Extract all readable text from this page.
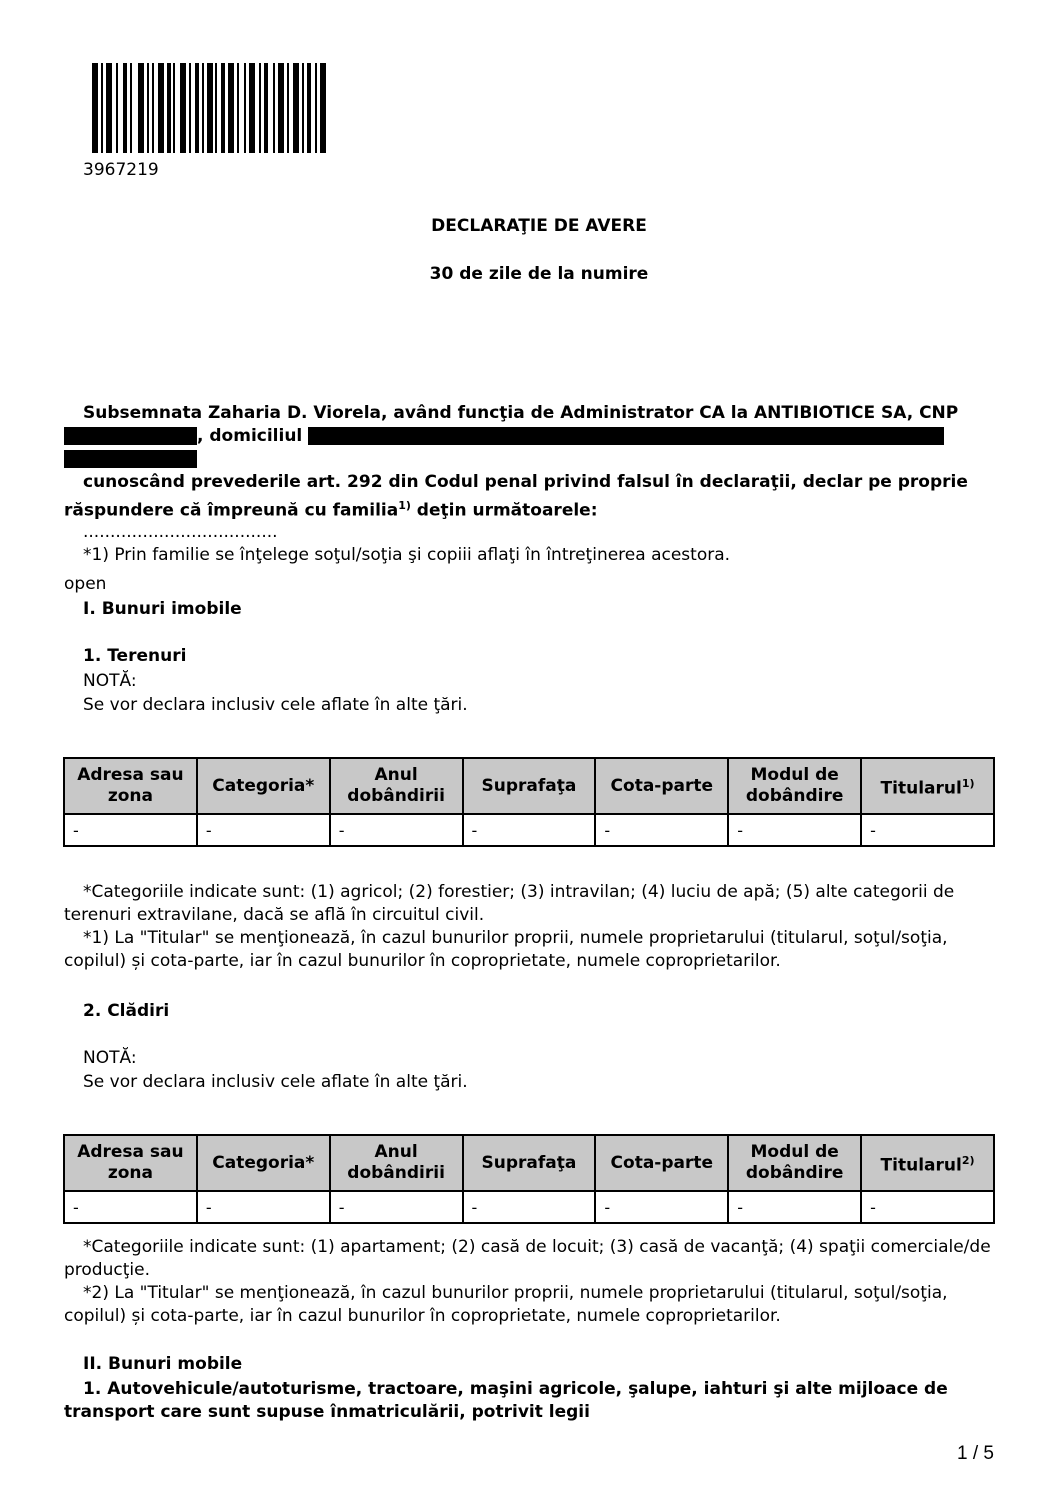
3967219
DECLARAŢIE DE AVERE
30 de zile de la numire
Subsemnata Zaharia D. Viorela, având funcţia de Administrator CA la ANTIBIOTICE SA, CNP
, domiciliul
cunoscând prevederile art. 292 din Codul penal privind falsul în declaraţii, declar pe proprie
răspundere că împreună cu familia$^{1)}$ deţin următoarele:
....................................
*1) Prin familie se înţelege soţul/soţia şi copiii aflaţi în întreţinerea acestora.
open
I. Bunuri imobile
1. Terenuri
NOTĂ:
Se vor declara inclusiv cele aflate în alte ţări.
Adresa sau zona	Categoria*	Anul dobândirii	Suprafaţa	Cota-parte	Modul de dobândire	Titularul$^{1)}$
-	-	-	-	-	-	-
*Categoriile indicate sunt: (1) agricol; (2) forestier; (3) intravilan; (4) luciu de apă; (5) alte categorii de
terenuri extravilane, dacă se află în circuitul civil.
*1) La "Titular" se menţionează, în cazul bunurilor proprii, numele proprietarului (titularul, soţul/soţia,
copilul) și cota-parte, iar în cazul bunurilor în coproprietate, numele coproprietarilor.
2. Clădiri
NOTĂ:
Se vor declara inclusiv cele aflate în alte ţări.
Adresa sau zona	Categoria*	Anul dobândirii	Suprafaţa	Cota-parte	Modul de dobândire	Titularul$^{2)}$
-	-	-	-	-	-	-
*Categoriile indicate sunt: (1) apartament; (2) casă de locuit; (3) casă de vacanţă; (4) spaţii comerciale/de
producţie.
*2) La "Titular" se menţionează, în cazul bunurilor proprii, numele proprietarului (titularul, soţul/soţia,
copilul) și cota-parte, iar în cazul bunurilor în coproprietate, numele coproprietarilor.
II. Bunuri mobile
1. Autovehicule/autoturisme, tractoare, maşini agricole, şalupe, iahturi şi alte mijloace de
transport care sunt supuse înmatriculării, potrivit legii
1 / 5
